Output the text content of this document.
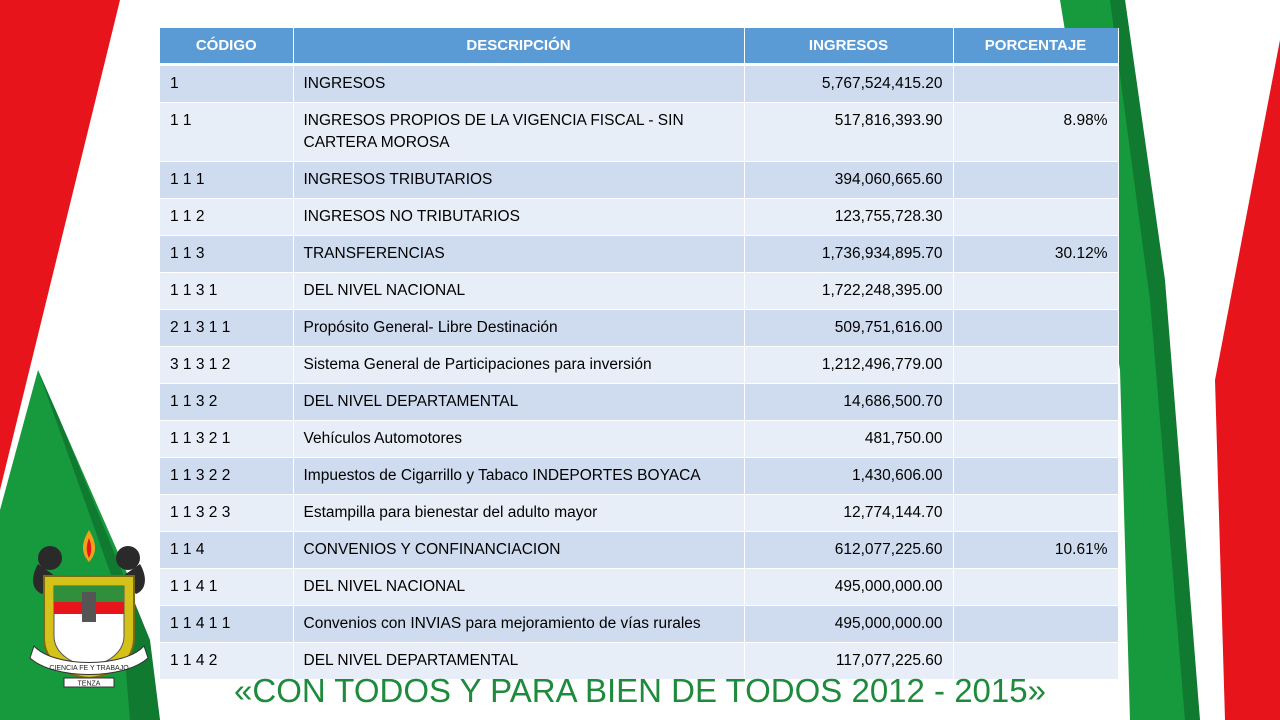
CÓDIGO	DESCRIPCIÓN	INGRESOS	PORCENTAJE
1	INGRESOS	5,767,524,415.20	
1 1	INGRESOS PROPIOS DE LA VIGENCIA FISCAL - SIN CARTERA MOROSA	517,816,393.90	8.98%
1 1 1	INGRESOS TRIBUTARIOS	394,060,665.60	
1 1 2	INGRESOS NO TRIBUTARIOS	123,755,728.30	
1 1 3	TRANSFERENCIAS	1,736,934,895.70	30.12%
1 1 3 1	DEL NIVEL NACIONAL	1,722,248,395.00	
2 1 3 1 1	Propósito General- Libre Destinación	509,751,616.00	
3 1 3 1 2	Sistema General de Participaciones para inversión	1,212,496,779.00	
1 1 3 2	DEL NIVEL DEPARTAMENTAL	14,686,500.70	
1 1 3 2 1	Vehículos Automotores	481,750.00	
1 1 3 2 2	Impuestos de Cigarrillo y Tabaco INDEPORTES BOYACA	1,430,606.00	
1 1 3 2 3	Estampilla para bienestar del adulto mayor	12,774,144.70	
1 1 4	CONVENIOS Y CONFINANCIACION	612,077,225.60	10.61%
1 1 4 1	DEL NIVEL NACIONAL	495,000,000.00	
1 1 4 1 1	Convenios con INVIAS para mejoramiento de vías rurales	495,000,000.00	
1 1 4 2	DEL NIVEL DEPARTAMENTAL	117,077,225.60	
CIENCIA FE Y TRABAJO
TENZA	«CON TODOS Y PARA BIEN DE TODOS 2012 - 2015»
